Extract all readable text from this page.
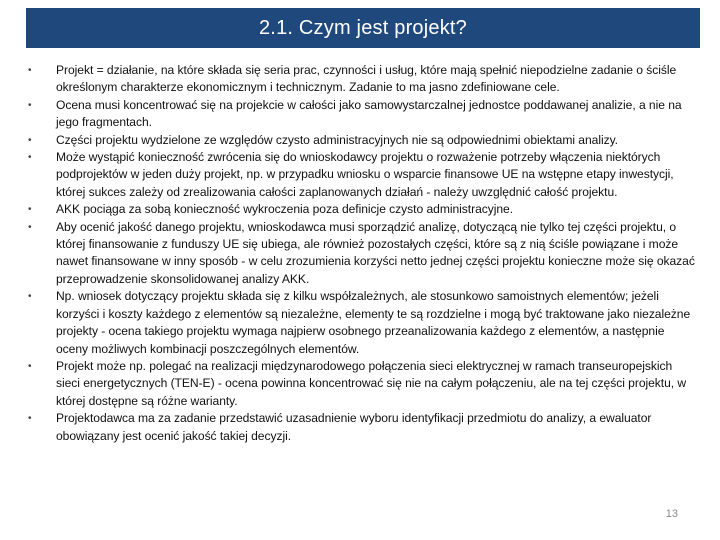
2.1. Czym jest projekt?
•	Projekt = działanie, na które składa się seria prac, czynności i usług, które mają spełnić niepodzielne zadanie o ściśle określonym charakterze ekonomicznym i technicznym. Zadanie to ma jasno zdefiniowane cele.
•	Ocena musi koncentrować się na projekcie w całości jako samowystarczalnej jednostce poddawanej analizie, a nie na jego fragmentach.
•	Części projektu wydzielone ze względów czysto administracyjnych nie są odpowiednimi obiektami analizy.
•	Może wystąpić konieczność zwrócenia się do wnioskodawcy projektu o rozważenie potrzeby włączenia niektórych podprojektów w jeden duży projekt, np. w przypadku wniosku o wsparcie finansowe UE na wstępne etapy inwestycji, której sukces zależy od zrealizowania całości zaplanowanych działań - należy uwzględnić całość projektu.
•	AKK pociąga za sobą konieczność wykroczenia poza definicje czysto administracyjne.
•	Aby ocenić jakość danego projektu, wnioskodawca musi sporządzić analizę, dotyczącą nie tylko tej części projektu, o której finansowanie z funduszy UE się ubiega, ale również pozostałych części, które są z nią ściśle powiązane i może nawet finansowane w inny sposób - w celu zrozumienia korzyści netto jednej części projektu konieczne może się okazać przeprowadzenie skonsolidowanej analizy AKK.
•	Np. wniosek dotyczący projektu składa się z kilku współzależnych, ale stosunkowo samoistnych elementów; jeżeli korzyści i koszty każdego z elementów są niezależne, elementy te są rozdzielne i mogą być traktowane jako niezależne projekty - ocena takiego projektu wymaga najpierw osobnego przeanalizowania każdego z elementów, a następnie oceny możliwych kombinacji poszczególnych elementów.
•	Projekt może np. polegać na realizacji międzynarodowego połączenia sieci elektrycznej w ramach transeuropejskich sieci energetycznych (TEN-E) - ocena powinna koncentrować się nie na całym połączeniu, ale na tej części projektu, w której dostępne są różne warianty.
•	Projektodawca ma za zadanie przedstawić uzasadnienie wyboru identyfikacji przedmiotu do analizy, a ewaluator obowiązany jest ocenić jakość takiej decyzji.
13
